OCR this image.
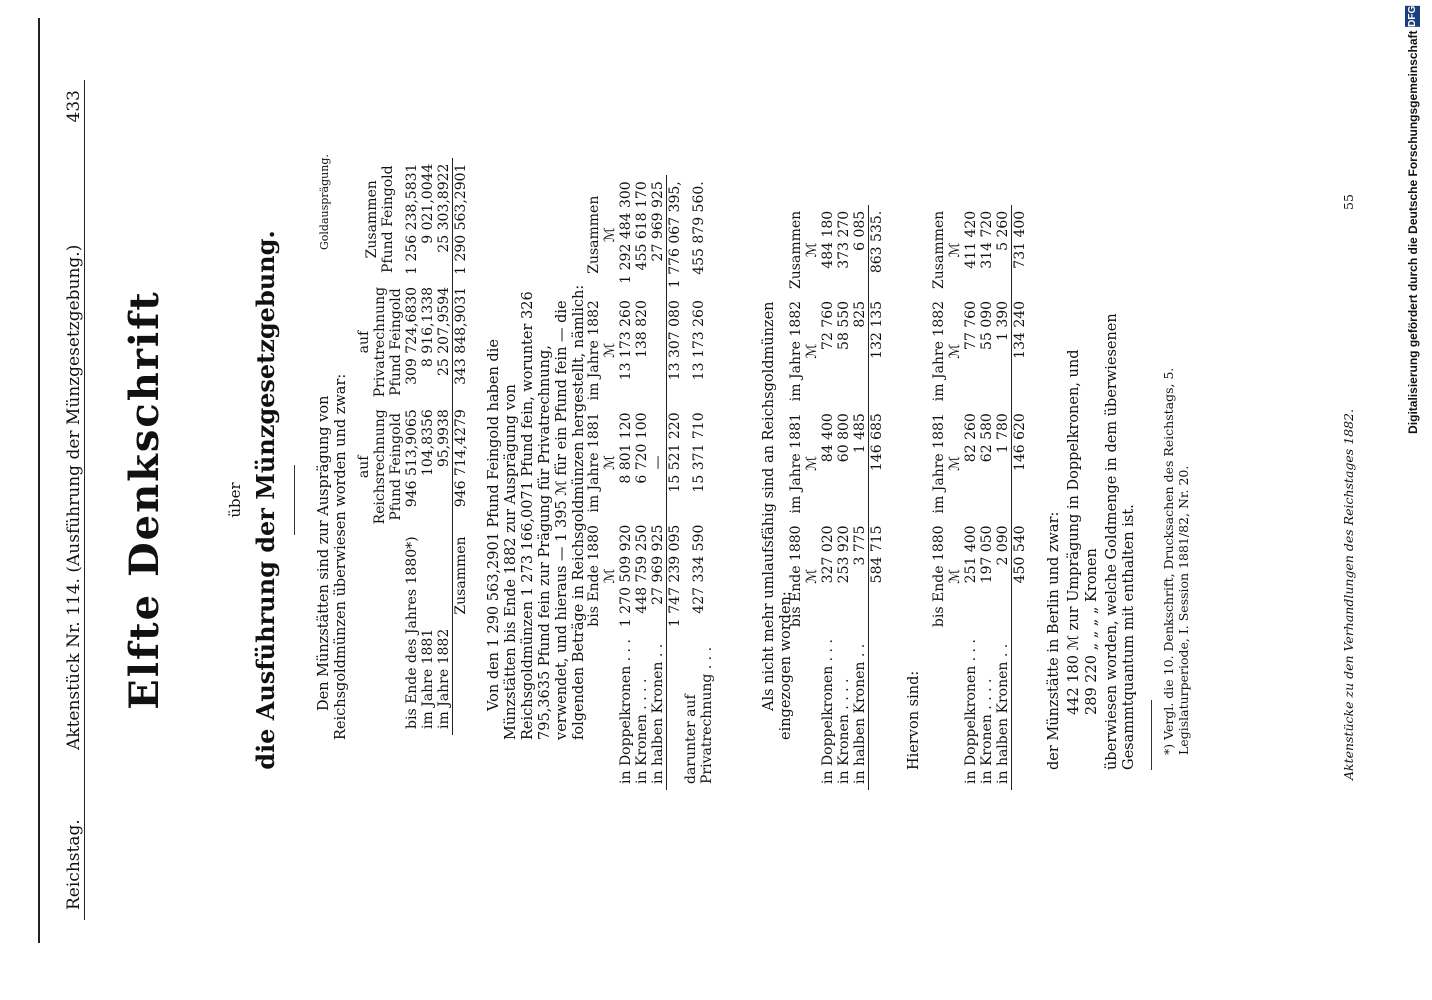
Reichstag.
Aktenstück Nr. 114. (Ausführung der Münzgesetzgebung.)
433
Elfte Denkschrift	über die Ausführung der Münzgesetzgebung. Den Münzstätten sind zur Ausprägung von Reichsgoldmünzen überwiesen worden und zwar:
Goldausprägung.
	auf Reichsrechnung Pfund Feingold	auf Privatrechnung Pfund Feingold	Zusammen Pfund Feingold
bis Ende des Jahres 1880*)	946 513,9065	309 724,6830	1 256 238,5831
im Jahre 1881	104,8356	8 916,1338	9 021,0044
im Jahre 1882	95,9938	25 207,9594	25 303,8922
Zusammen	946 714,4279	343 848,9031	1 290 563,2901
Von den 1 290 563,2901 Pfund Feingold haben die Münzstätten bis Ende 1882 zur Ausprägung von Reichsgoldmünzen 1 273 166,0071 Pfund fein, worunter 326 795,3635 Pfund fein zur Prägung für Privatrechnung, verwendet, und hieraus — 1 395 ℳ für ein Pfund fein — die folgenden Beträge in Reichsgoldmünzen hergestellt, nämlich:
	bis Ende 1880	im Jahre 1881	im Jahre 1882	Zusammen
	ℳ	ℳ	ℳ	ℳ
in Doppelkronen . . .	1 270 509 920	8 801 120	13 173 260	1 292 484 300
in Kronen . . . .	448 759 250	6 720 100	138 820	455 618 170
in halben Kronen . .	27 969 925	—		27 969 925
	1 747 239 095	15 521 220	13 307 080	1 776 067 395,
darunter auf Privatrechnung . . .	427 334 590	15 371 710	13 173 260	455 879 560.
Als nicht mehr umlaufsfähig sind an Reichsgoldmünzen eingezogen worden:
	bis Ende 1880	im Jahre 1881	im Jahre 1882	Zusammen
	ℳ	ℳ	ℳ	ℳ
in Doppelkronen . . .	327 020	84 400	72 760	484 180
in Kronen . . . .	253 920	60 800	58 550	373 270
in halben Kronen . .	3 775	1 485	825	6 085
	584 715	146 685	132 135	863 535.
Hiervon sind:
	bis Ende 1880	im Jahre 1881	im Jahre 1882	Zusammen
	ℳ	ℳ	ℳ	ℳ
in Doppelkronen . . .	251 400	82 260	77 760	411 420
in Kronen . . . .	197 050	62 580	55 090	314 720
in halben Kronen . .	2 090	1 780	1 390	5 260
	450 540	146 620	134 240	731 400
der Münzstätte in Berlin und zwar: 442 180 ℳ zur Umprägung in Doppelkronen, und 289 220 „ „ „ „ Kronen überwiesen worden, welche Goldmenge in dem überwiesenen Gesammtquantum mit enthalten ist. *) Vergl. die 10. Denkschrift, Drucksachen des Reichstags, 5. Legislaturperiode, I. Session 1881/82, Nr. 20.	Aktenstücke zu den Verhandlungen des Reichstages 1882.
55	Digitalisierung gefördert durch die Deutsche Forschungsgemeinschaft DFG
